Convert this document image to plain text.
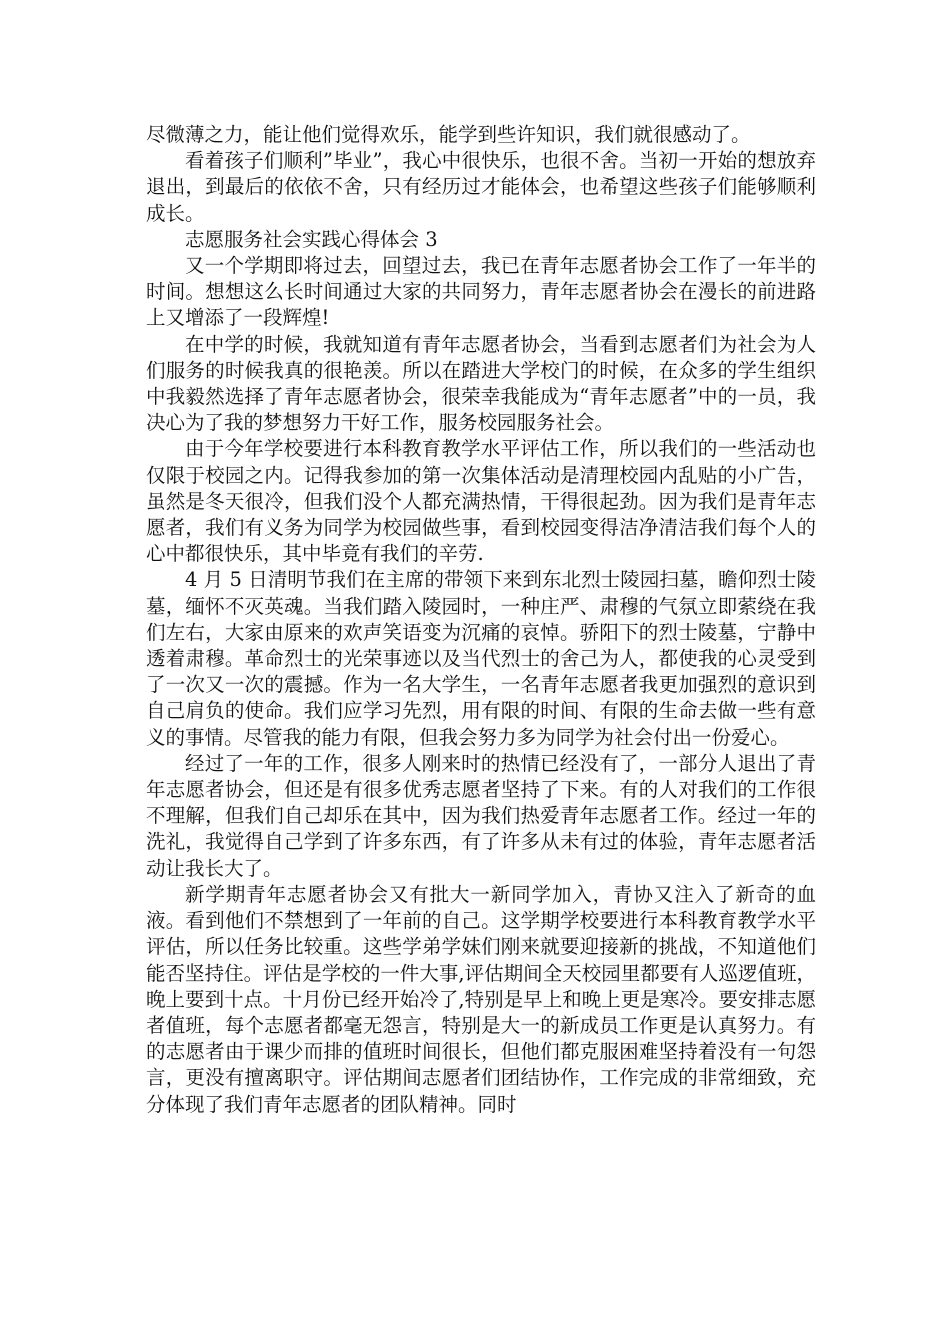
尽微薄之力，能让他们觉得欢乐，能学到些许知识，我们就很感动了。

看着孩子们顺利”毕业”，我心中很快乐，也很不舍。当初一开始的想放弃退出，到最后的依依不舍，只有经历过才能体会，也希望这些孩子们能够顺利成长。

志愿服务社会实践心得体会 3

又一个学期即将过去，回望过去，我已在青年志愿者协会工作了一年半的时间。想想这么长时间通过大家的共同努力，青年志愿者协会在漫长的前进路上又增添了一段辉煌!

在中学的时候，我就知道有青年志愿者协会，当看到志愿者们为社会为人们服务的时候我真的很艳羡。所以在踏进大学校门的时候，在众多的学生组织中我毅然选择了青年志愿者协会，很荣幸我能成为“青年志愿者”中的一员，我决心为了我的梦想努力干好工作，服务校园服务社会。

由于今年学校要进行本科教育教学水平评估工作，所以我们的一些活动也仅限于校园之内。记得我参加的第一次集体活动是清理校园内乱贴的小广告，虽然是冬天很冷，但我们没个人都充满热情，干得很起劲。因为我们是青年志愿者，我们有义务为同学为校园做些事，看到校园变得洁净清洁我们每个人的心中都很快乐，其中毕竟有我们的辛劳.

4 月 5 日清明节我们在主席的带领下来到东北烈士陵园扫墓，瞻仰烈士陵墓，缅怀不灭英魂。当我们踏入陵园时，一种庄严、肃穆的气氛立即萦绕在我们左右，大家由原来的欢声笑语变为沉痛的哀悼。骄阳下的烈士陵墓，宁静中透着肃穆。革命烈士的光荣事迹以及当代烈士的舍己为人，都使我的心灵受到了一次又一次的震撼。作为一名大学生，一名青年志愿者我更加强烈的意识到自己肩负的使命。我们应学习先烈，用有限的时间、有限的生命去做一些有意义的事情。尽管我的能力有限，但我会努力多为同学为社会付出一份爱心。

经过了一年的工作，很多人刚来时的热情已经没有了，一部分人退出了青年志愿者协会，但还是有很多优秀志愿者坚持了下来。有的人对我们的工作很不理解，但我们自己却乐在其中，因为我们热爱青年志愿者工作。经过一年的洗礼，我觉得自己学到了许多东西，有了许多从未有过的体验，青年志愿者活动让我长大了。

新学期青年志愿者协会又有批大一新同学加入，青协又注入了新奇的血液。看到他们不禁想到了一年前的自己。这学期学校要进行本科教育教学水平评估，所以任务比较重。这些学弟学妹们刚来就要迎接新的挑战，不知道他们能否坚持住。评估是学校的一件大事,评估期间全天校园里都要有人巡逻值班，晚上要到十点。十月份已经开始冷了,特别是早上和晚上更是寒冷。要安排志愿者值班，每个志愿者都毫无怨言，特别是大一的新成员工作更是认真努力。有的志愿者由于课少而排的值班时间很长，但他们都克服困难坚持着没有一句怨言，更没有擅离职守。评估期间志愿者们团结协作，工作完成的非常细致，充分体现了我们青年志愿者的团队精神。同时
